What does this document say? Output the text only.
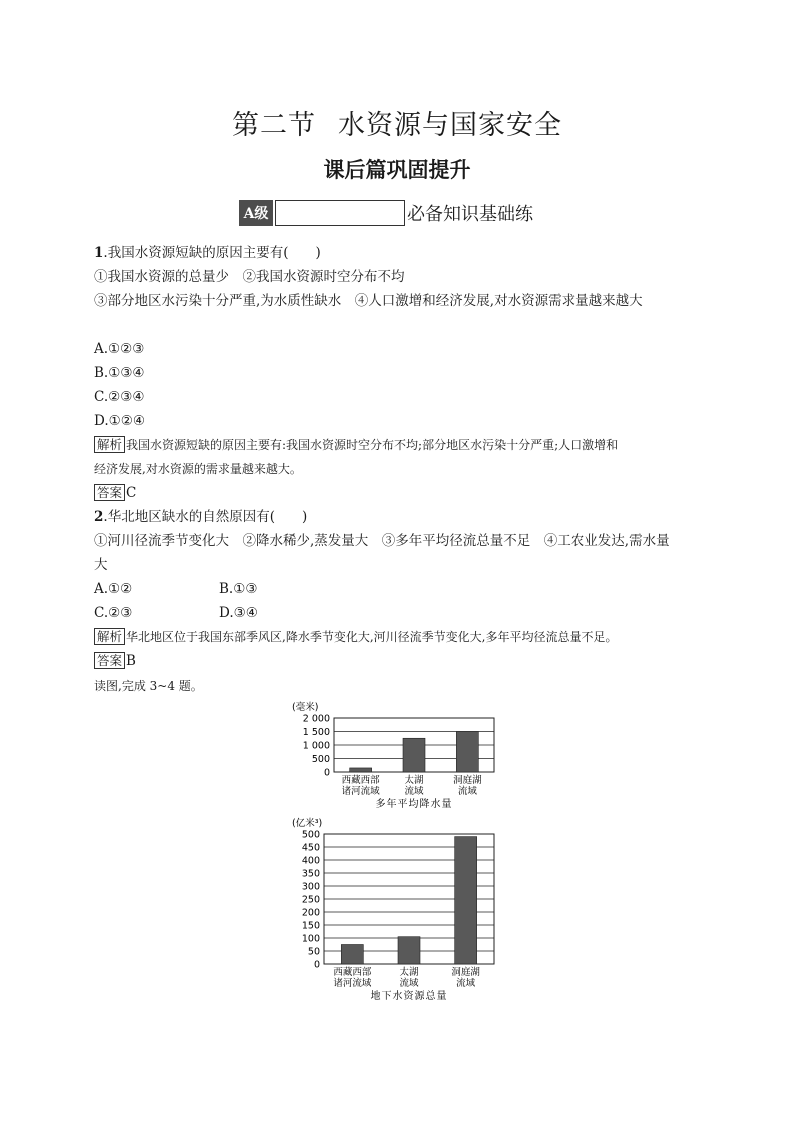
第二节 水资源与国家安全
课后篇巩固提升
A级	必备知识基础练
1.我国水资源短缺的原因主要有(　　)
①我国水资源的总量少　②我国水资源时空分布不均
③部分地区水污染十分严重,为水质性缺水　④人口激增和经济发展,对水资源需求量越来越大
A.①②③
B.①③④
C.②③④
D.①②④
解析 我国水资源短缺的原因主要有:我国水资源时空分布不均;部分地区水污染十分严重;人口激增和
经济发展,对水资源的需求量越来越大。
答案 C
2.华北地区缺水的自然原因有(　　)
①河川径流季节变化大　②降水稀少,蒸发量大　③多年平均径流总量不足　④工农业发达,需水量
大
A.①②	B.①③
C.②③	D.③④
解析 华北地区位于我国东部季风区,降水季节变化大,河川径流季节变化大,多年平均径流总量不足。
答案 B
读图,完成 3~4 题。
2 000
1 500
1 000
500
0
(毫米)
西藏西部
诸河流域
太湖
流域
洞庭湖
流域
多年平均降水量
500
450
400
350
300
250
200
150
100
50
0
(亿米³)
西藏西部
诸河流域
太湖
流域
洞庭湖
流域
地下水资源总量
